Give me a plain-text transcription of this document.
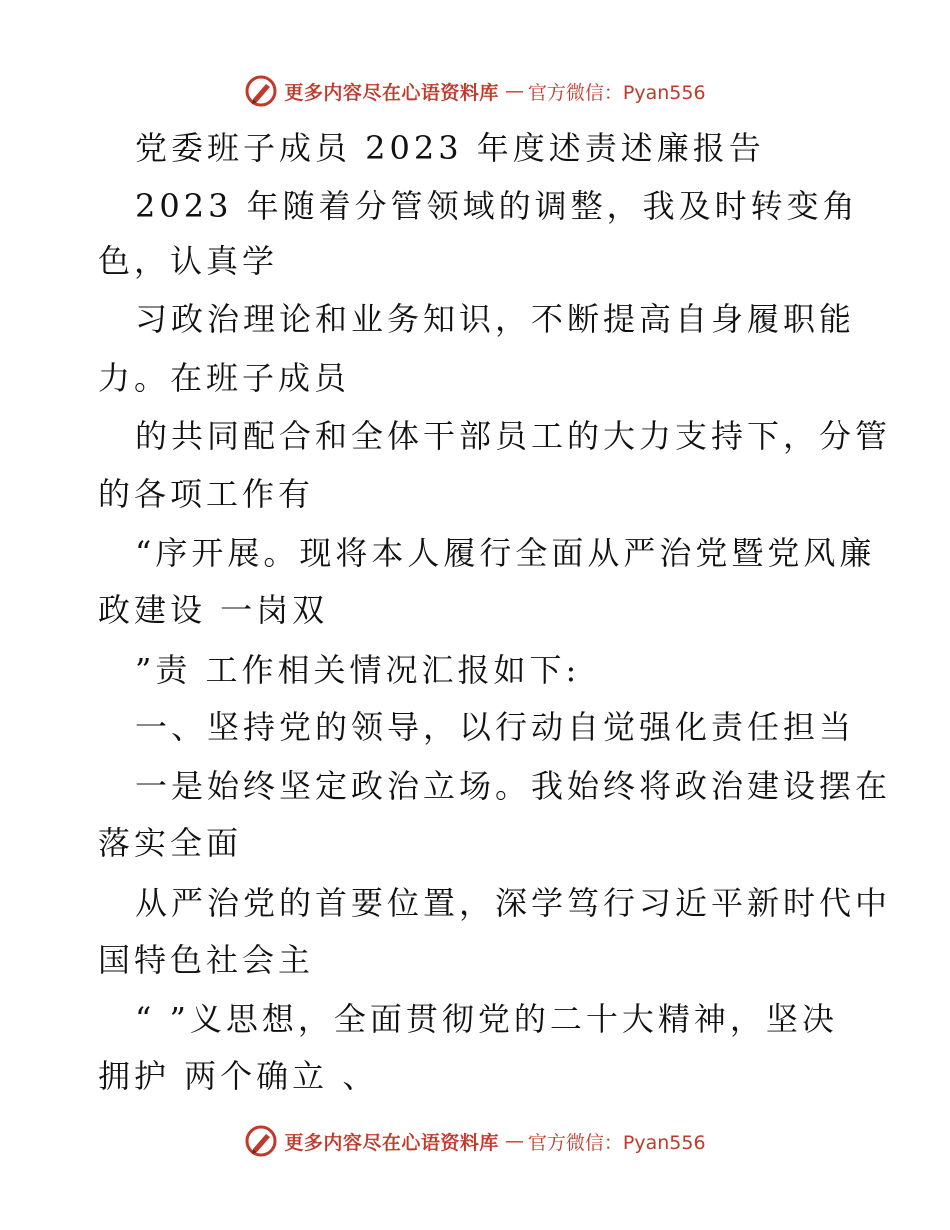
更多内容尽在心语资料库 — 官方微信：Pyan556
党委班子成员 2023 年度述责述廉报告
2023 年随着分管领域的调整，我及时转变角
色，认真学
习政治理论和业务知识，不断提高自身履职能
力。在班子成员
的共同配合和全体干部员工的大力支持下，分管
的各项工作有
“序开展。现将本人履行全面从严治党暨党风廉
政建设 一岗双
”责 工作相关情况汇报如下:
一、坚持党的领导，以行动自觉强化责任担当
一是始终坚定政治立场。我始终将政治建设摆在
落实全面
从严治党的首要位置，深学笃行习近平新时代中
国特色社会主
“ ”义思想，全面贯彻党的二十大精神，坚决
拥护 两个确立 、
更多内容尽在心语资料库 — 官方微信：Pyan556
